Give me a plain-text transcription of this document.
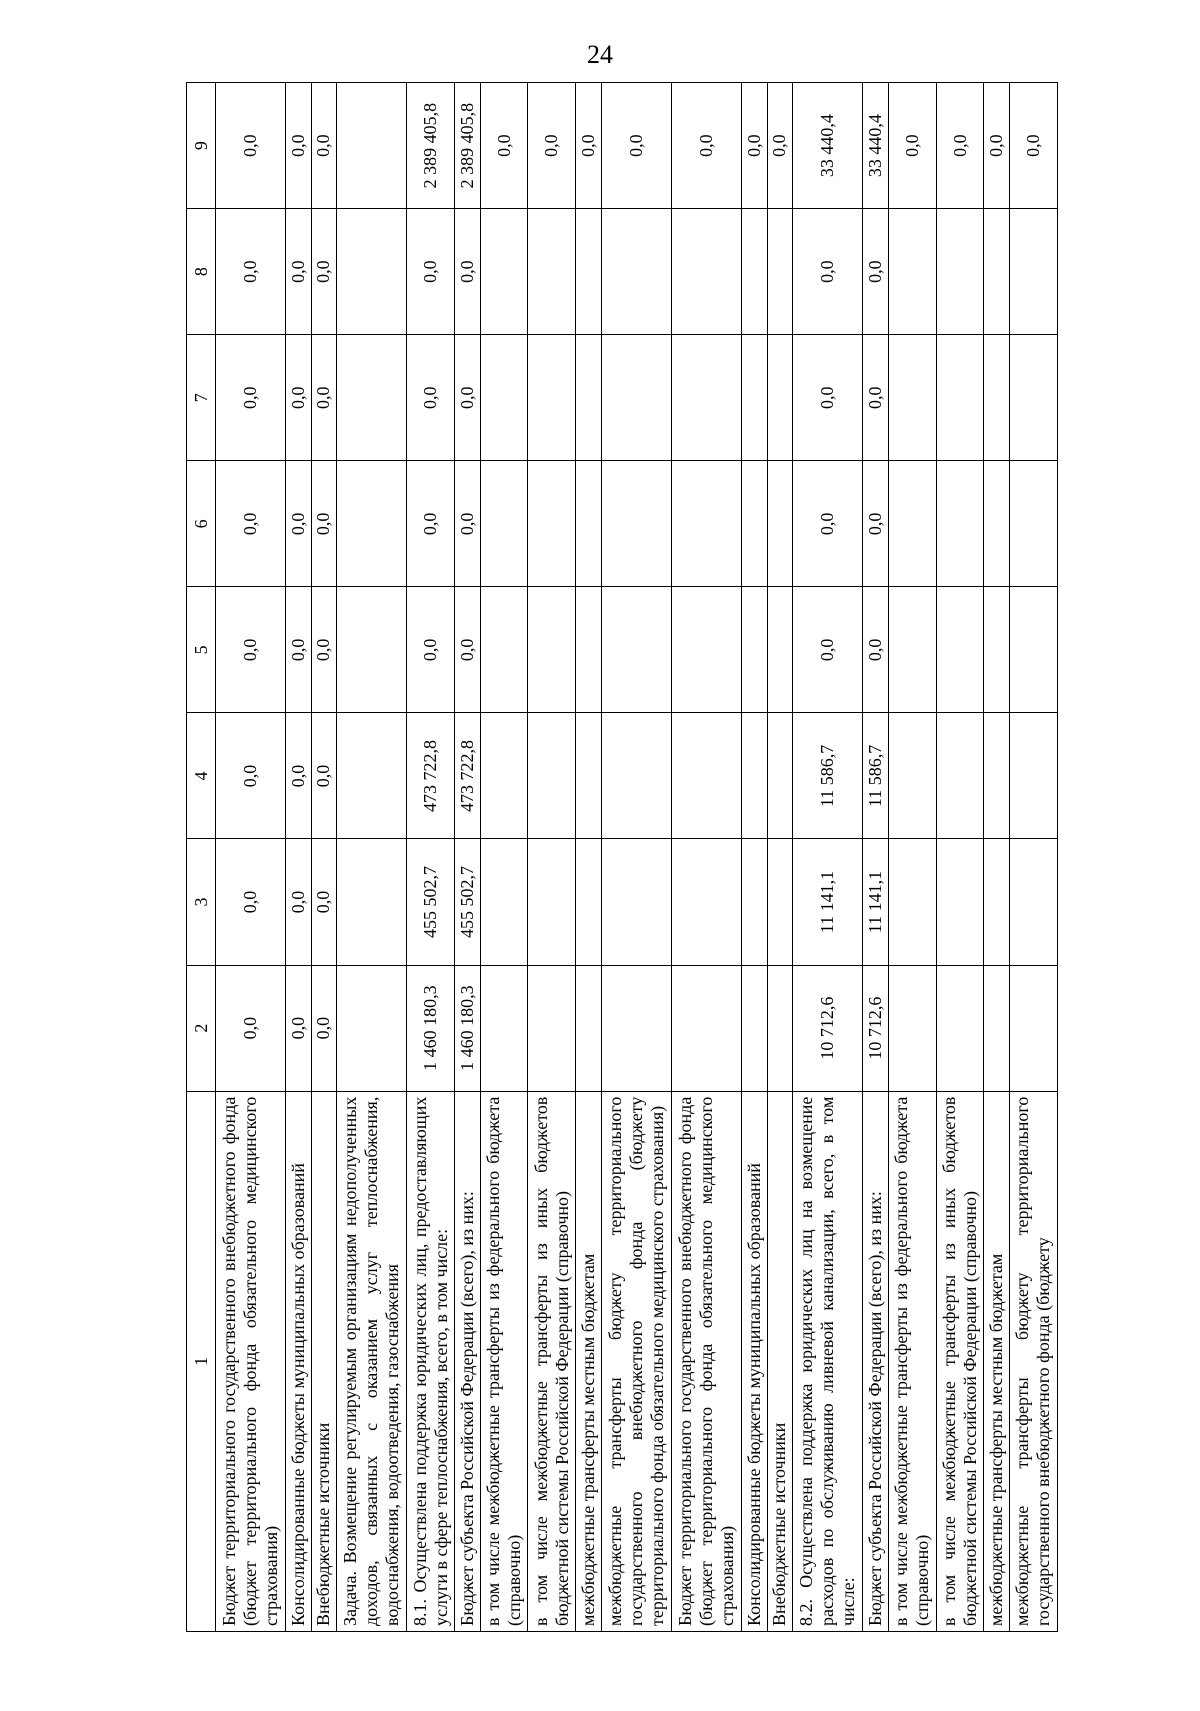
24
1	2	3	4	5	6	7	8	9
Бюджет территориального государственного внебюджетного фонда (бюджет территориального фонда обязательного медицинского страхования)	0,0	0,0	0,0	0,0	0,0	0,0	0,0	0,0
Консолидированные бюджеты муниципальных образований	0,0	0,0	0,0	0,0	0,0	0,0	0,0	0,0
Внебюджетные источники	0,0	0,0	0,0	0,0	0,0	0,0	0,0	0,0
Задача. Возмещение регулируемым организациям недополученных доходов, связанных с оказанием услуг теплоснабжения, водоснабжения, водоотведения, газоснабжения								
8.1. Осуществлена поддержка юридических лиц, предоставляющих услуги в сфере теплоснабжения, всего, в том числе:	1 460 180,3	455 502,7	473 722,8	0,0	0,0	0,0	0,0	2 389 405,8
Бюджет субъекта Российской Федерации (всего), из них:	1 460 180,3	455 502,7	473 722,8	0,0	0,0	0,0	0,0	2 389 405,8
в том числе межбюджетные трансферты из федерального бюджета (справочно)								0,0
в том числе межбюджетные трансферты из иных бюджетов бюджетной системы Российской Федерации (справочно)								0,0
межбюджетные трансферты местным бюджетам								0,0
межбюджетные трансферты бюджету территориального государственного внебюджетного фонда (бюджету территориального фонда обязательного медицинского страхования)								0,0
Бюджет территориального государственного внебюджетного фонда (бюджет территориального фонда обязательного медицинского страхования)								0,0
Консолидированные бюджеты муниципальных образований								0,0
Внебюджетные источники								0,0
8.2. Осуществлена поддержка юридических лиц на возмещение расходов по обслуживанию ливневой канализации, всего, в том числе:	10 712,6	11 141,1	11 586,7	0,0	0,0	0,0	0,0	33 440,4
Бюджет субъекта Российской Федерации (всего), из них:	10 712,6	11 141,1	11 586,7	0,0	0,0	0,0	0,0	33 440,4
в том числе межбюджетные трансферты из федерального бюджета (справочно)								0,0
в том числе межбюджетные трансферты из иных бюджетов бюджетной системы Российской Федерации (справочно)								0,0
межбюджетные трансферты местным бюджетам								0,0
межбюджетные трансферты бюджету территориального государственного внебюджетного фонда (бюджету								0,0
